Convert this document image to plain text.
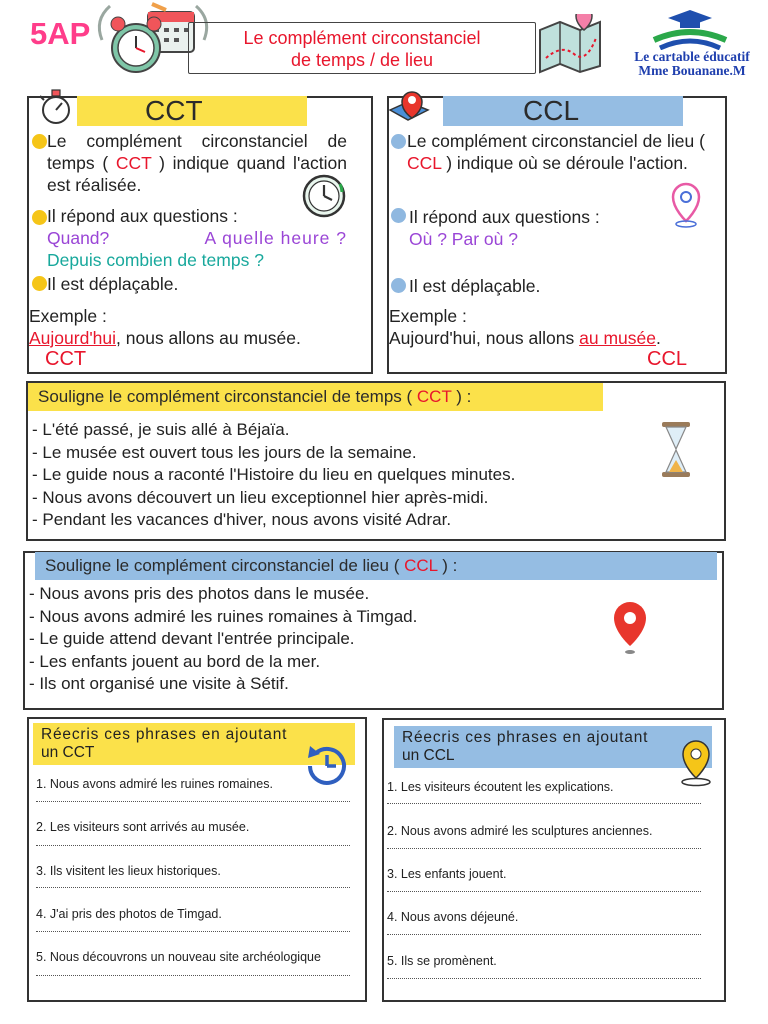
5AP	Le complément circonstanciel
de temps / de lieu	Le cartable éducatif
Mme Bouanane.M
CCT
Le complément circonstanciel de temps ( CCT ) indique quand l'action est réalisée.
Il répond aux questions :
Quand?	A quelle heure ?
Depuis combien de temps ?
Il est déplaçable.
Exemple :
Aujourd'hui, nous allons au musée.
CCT
CCL
Le complément circonstanciel de lieu ( CCL ) indique où se déroule l'action.
Il répond aux questions :
Où ? Par où ?
Il est déplaçable.
Exemple :
Aujourd'hui, nous allons au musée.
CCL
Souligne le complément circonstanciel de temps ( CCT ) :
- L'été passé, je suis allé à Béjaïa.
- Le musée est ouvert tous les jours de la semaine.
- Le guide nous a raconté l'Histoire du lieu en quelques minutes.
- Nous avons découvert un lieu exceptionnel hier après-midi.
- Pendant les vacances d'hiver, nous avons visité Adrar.
Souligne le complément circonstanciel de lieu ( CCL ) :
- Nous avons pris des photos dans le musée.
- Nous avons admiré les ruines romaines à Timgad.
- Le guide attend devant l'entrée principale.
- Les enfants jouent au bord de la mer.
- Ils ont organisé une visite à Sétif.
Réecris ces phrases en ajoutant
un CCT
1. Nous avons admiré les ruines romaines.
2. Les visiteurs sont arrivés au musée.
3. Ils visitent les lieux historiques.
4. J'ai pris des photos de Timgad.
5. Nous découvrons un nouveau site archéologique
Réecris ces phrases en ajoutant
un CCL
1. Les visiteurs écoutent les explications.
2. Nous avons admiré les sculptures anciennes.
3. Les enfants jouent.
4. Nous avons déjeuné.
5. Ils se promènent.
